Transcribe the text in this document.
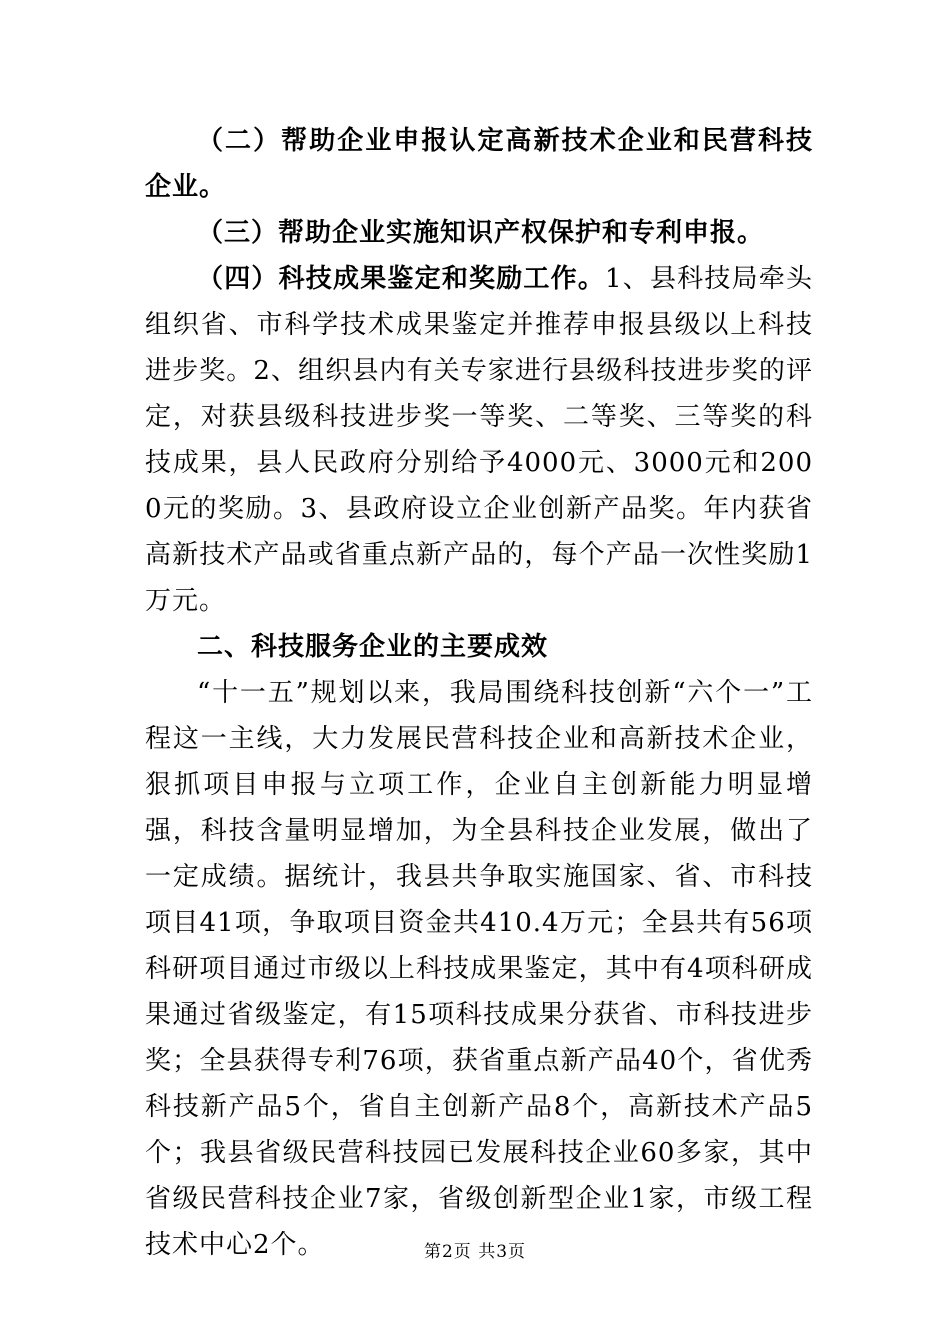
（二）帮助企业申报认定高新技术企业和民营科技企业。

（三）帮助企业实施知识产权保护和专利申报。

（四）科技成果鉴定和奖励工作。1、县科技局牵头组织省、市科学技术成果鉴定并推荐申报县级以上科技进步奖。2、组织县内有关专家进行县级科技进步奖的评定，对获县级科技进步奖一等奖、二等奖、三等奖的科技成果，县人民政府分别给予4000元、3000元和2000元的奖励。3、县政府设立企业创新产品奖。年内获省高新技术产品或省重点新产品的，每个产品一次性奖励1万元。

二、科技服务企业的主要成效

“十一五”规划以来，我局围绕科技创新“六个一”工程这一主线，大力发展民营科技企业和高新技术企业，狠抓项目申报与立项工作，企业自主创新能力明显增强，科技含量明显增加，为全县科技企业发展，做出了一定成绩。据统计，我县共争取实施国家、省、市科技项目41项，争取项目资金共410.4万元；全县共有56项科研项目通过市级以上科技成果鉴定，其中有4项科研成果通过省级鉴定，有15项科技成果分获省、市科技进步奖；全县获得专利76项，获省重点新产品40个，省优秀科技新产品5个，省自主创新产品8个，高新技术产品5个；我县省级民营科技园已发展科技企业60多家，其中省级民营科技企业7家，省级创新型企业1家，市级工程技术中心2个。	第2页 共3页
